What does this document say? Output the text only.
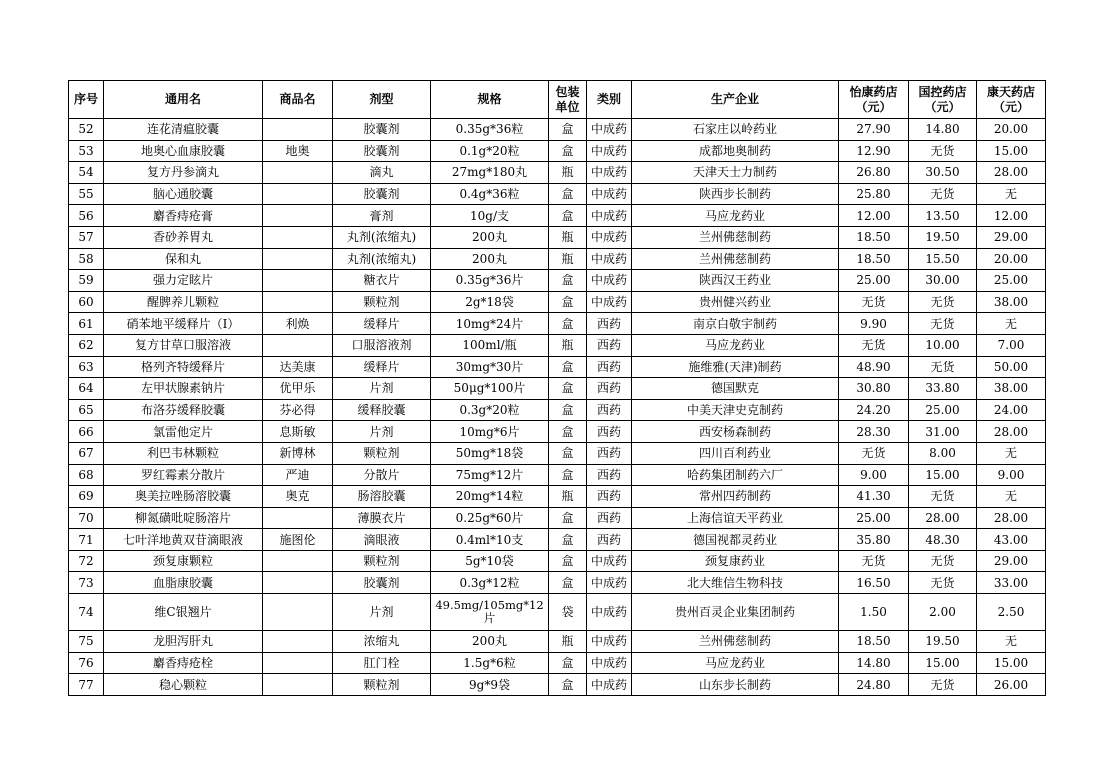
序号	通用名	商品名	剂型	规格	包装单位	类别	生产企业	怡康药店（元）	国控药店（元）	康天药店（元）
52	连花清瘟胶囊		胶囊剂	0.35g*36粒	盒	中成药	石家庄以岭药业	27.90	14.80	20.00
53	地奥心血康胶囊	地奥	胶囊剂	0.1g*20粒	盒	中成药	成都地奥制药	12.90	无货	15.00
54	复方丹参滴丸		滴丸	27mg*180丸	瓶	中成药	天津天士力制药	26.80	30.50	28.00
55	脑心通胶囊		胶囊剂	0.4g*36粒	盒	中成药	陕西步长制药	25.80	无货	无
56	麝香痔疮膏		膏剂	10g/支	盒	中成药	马应龙药业	12.00	13.50	12.00
57	香砂养胃丸		丸剂(浓缩丸)	200丸	瓶	中成药	兰州佛慈制药	18.50	19.50	29.00
58	保和丸		丸剂(浓缩丸)	200丸	瓶	中成药	兰州佛慈制药	18.50	15.50	20.00
59	强力定眩片		糖衣片	0.35g*36片	盒	中成药	陕西汉王药业	25.00	30.00	25.00
60	醒脾养儿颗粒		颗粒剂	2g*18袋	盒	中成药	贵州健兴药业	无货	无货	38.00
61	硝苯地平缓释片（I）	利焕	缓释片	10mg*24片	盒	西药	南京白敬宇制药	9.90	无货	无
62	复方甘草口服溶液		口服溶液剂	100ml/瓶	瓶	西药	马应龙药业	无货	10.00	7.00
63	格列齐特缓释片	达美康	缓释片	30mg*30片	盒	西药	施维雅(天津)制药	48.90	无货	50.00
64	左甲状腺素钠片	优甲乐	片剂	50μg*100片	盒	西药	德国默克	30.80	33.80	38.00
65	布洛芬缓释胶囊	芬必得	缓释胶囊	0.3g*20粒	盒	西药	中美天津史克制药	24.20	25.00	24.00
66	氯雷他定片	息斯敏	片剂	10mg*6片	盒	西药	西安杨森制药	28.30	31.00	28.00
67	利巴韦林颗粒	新博林	颗粒剂	50mg*18袋	盒	西药	四川百利药业	无货	8.00	无
68	罗红霉素分散片	严迪	分散片	75mg*12片	盒	西药	哈药集团制药六厂	9.00	15.00	9.00
69	奥美拉唑肠溶胶囊	奥克	肠溶胶囊	20mg*14粒	瓶	西药	常州四药制药	41.30	无货	无
70	柳氮磺吡啶肠溶片		薄膜衣片	0.25g*60片	盒	西药	上海信谊天平药业	25.00	28.00	28.00
71	七叶洋地黄双苷滴眼液	施图伦	滴眼液	0.4ml*10支	盒	西药	德国视都灵药业	35.80	48.30	43.00
72	颈复康颗粒		颗粒剂	5g*10袋	盒	中成药	颈复康药业	无货	无货	29.00
73	血脂康胶囊		胶囊剂	0.3g*12粒	盒	中成药	北大维信生物科技	16.50	无货	33.00
74	维C银翘片		片剂	49.5mg/105mg*12片	袋	中成药	贵州百灵企业集团制药	1.50	2.00	2.50
75	龙胆泻肝丸		浓缩丸	200丸	瓶	中成药	兰州佛慈制药	18.50	19.50	无
76	麝香痔疮栓		肛门栓	1.5g*6粒	盒	中成药	马应龙药业	14.80	15.00	15.00
77	稳心颗粒		颗粒剂	9g*9袋	盒	中成药	山东步长制药	24.80	无货	26.00
